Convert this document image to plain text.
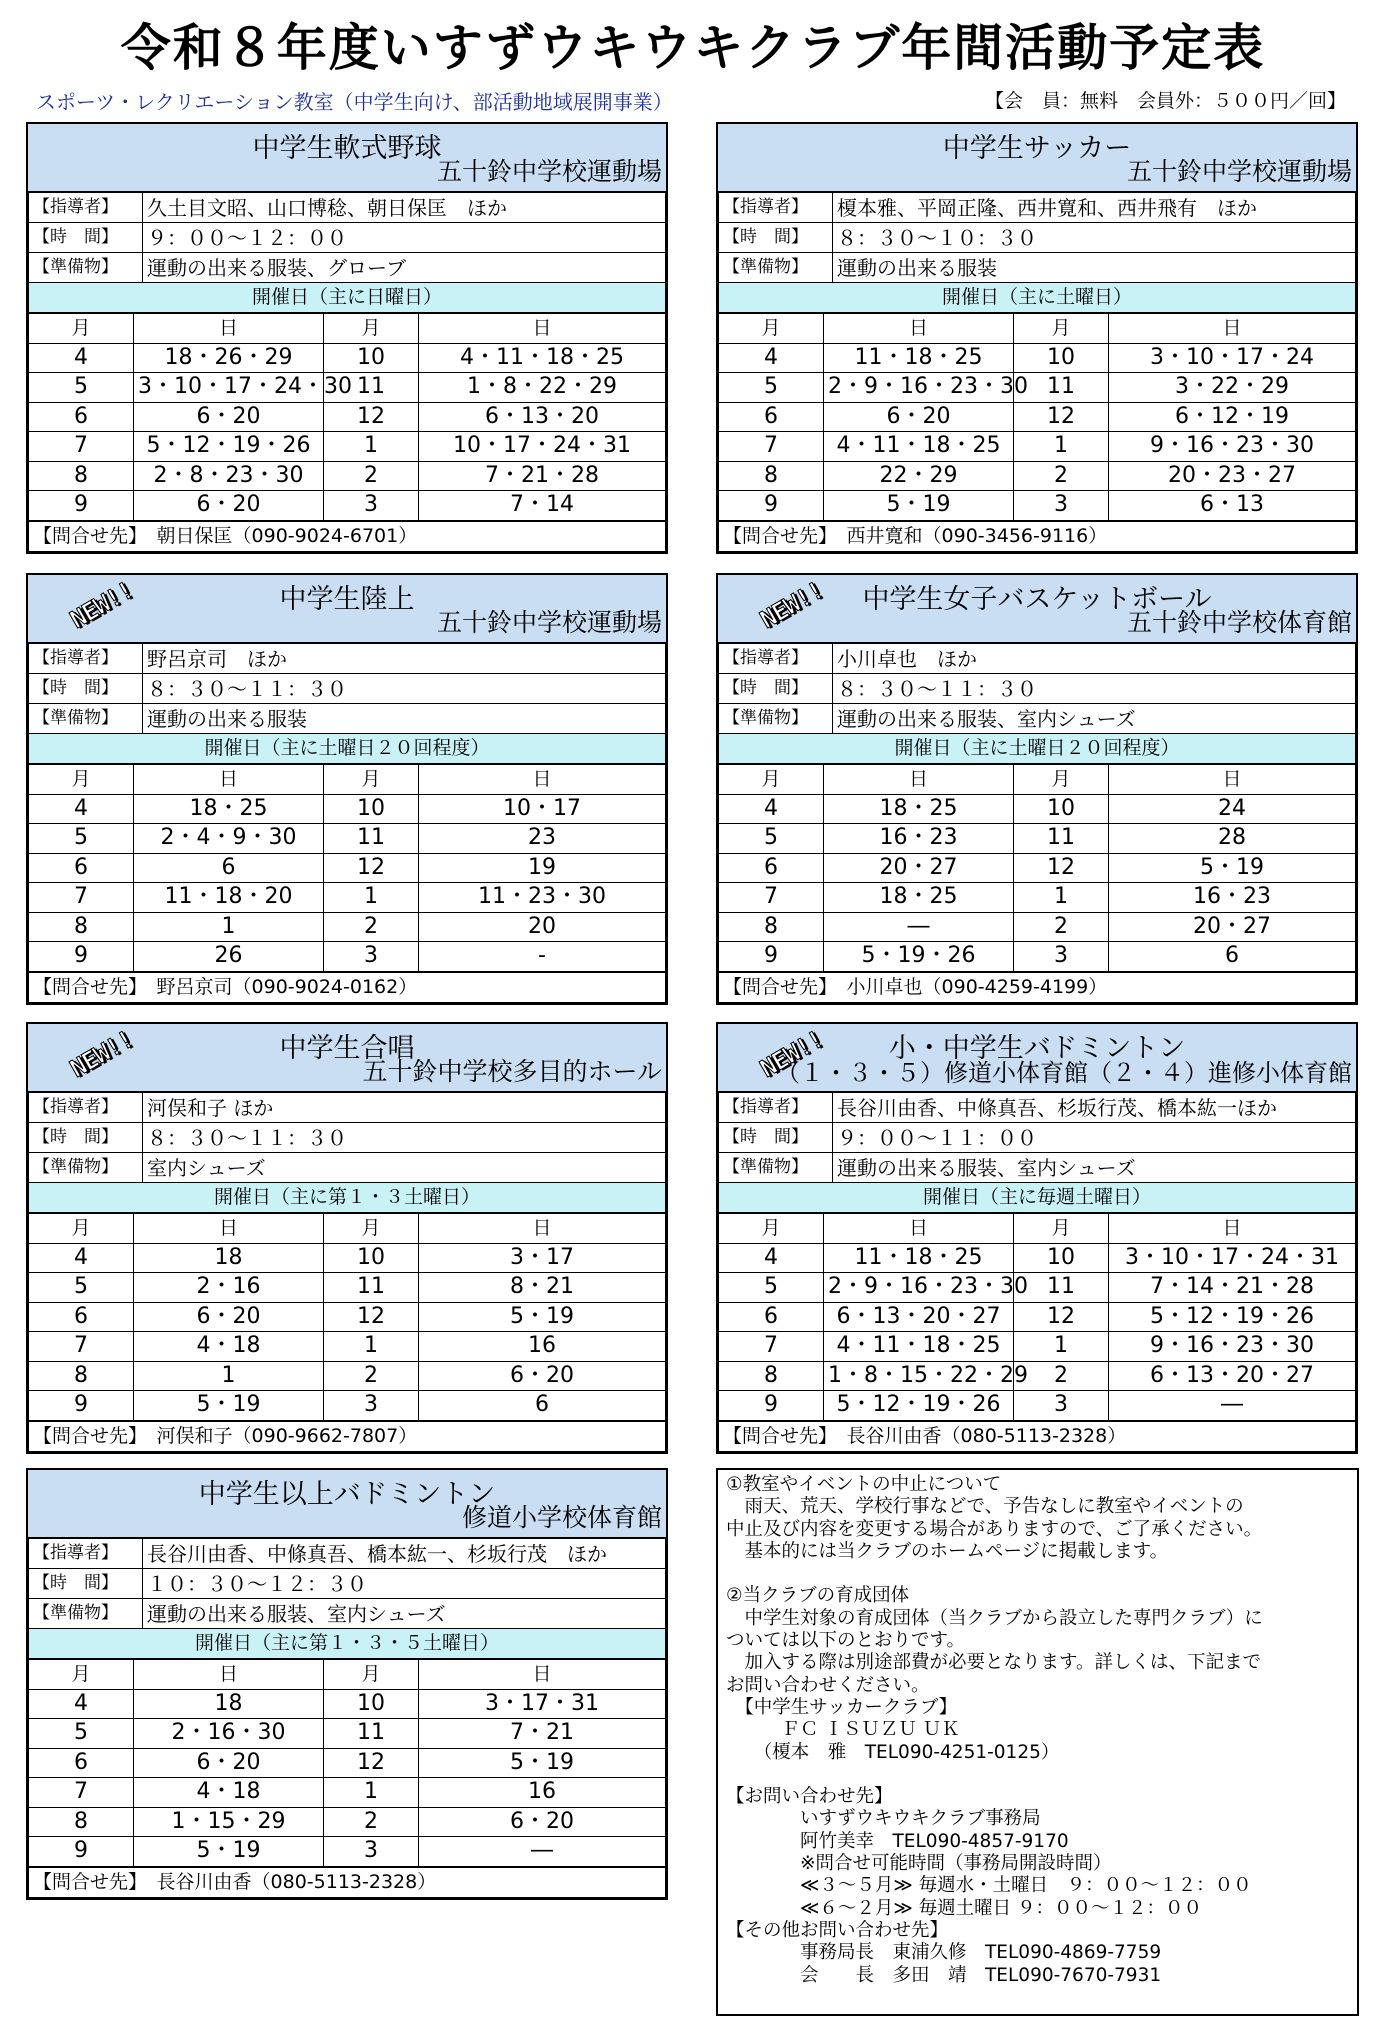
令和８年度いすずウキウキクラブ年間活動予定表
スポーツ・レクリエーション教室（中学生向け、部活動地域展開事業）	【会　員：無料　会員外：５００円／回】
中学生軟式野球
五十鈴中学校運動場
【指導者】	久土目文昭、山口博稔、朝日保匡　ほか
【時　間】	９：００～１２：００
【準備物】	運動の出来る服装、グローブ
開催日（主に日曜日）	
月	日	月	日
4	18・26・29	10	4・11・18・25
5	3・10・17・24・30	11	1・8・22・29
6	6・20	12	6・13・20
7	5・12・19・26	1	10・17・24・31
8	2・8・23・30	2	7・21・28
9	6・20	3	7・14
【問合せ先】　 朝日保匡（090-9024-6701）
中学生サッカー
五十鈴中学校運動場
【指導者】	榎本雅、平岡正隆、西井寛和、西井飛有　ほか
【時　間】	８：３０～１０：３０
【準備物】	運動の出来る服装
開催日（主に土曜日）	
月	日	月	日
4	11・18・25	10	3・10・17・24
5	2・9・16・23・30	11	3・22・29
6	6・20	12	6・12・19
7	4・11・18・25	1	9・16・23・30
8	22・29	2	20・23・27
9	5・19	3	6・13
【問合せ先】　 西井寛和（090-3456-9116）
中学生陸上
五十鈴中学校運動場
NEW!!
【指導者】	野呂京司　ほか
【時　間】	８：３０～１１：３０
【準備物】	運動の出来る服装
開催日（主に土曜日２０回程度）	
月	日	月	日
4	18・25	10	10・17
5	2・4・9・30	11	23
6	6	12	19
7	11・18・20	1	11・23・30
8	1	2	20
9	26	3	-
【問合せ先】　 野呂京司（090-9024-0162）
中学生女子バスケットボール
五十鈴中学校体育館
NEW!!
【指導者】	小川卓也　ほか
【時　間】	８：３０～１１：３０
【準備物】	運動の出来る服装、室内シューズ
開催日（主に土曜日２０回程度）	
月	日	月	日
4	18・25	10	24
5	16・23	11	28
6	20・27	12	5・19
7	18・25	1	16・23
8	―	2	20・27
9	5・19・26	3	6
【問合せ先】　 小川卓也（090-4259-4199）
中学生合唱
五十鈴中学校多目的ホール
NEW!!
【指導者】	河俣和子 ほか
【時　間】	８：３０～１１：３０
【準備物】	室内シューズ
開催日（主に第１・３土曜日）	
月	日	月	日
4	18	10	3・17
5	2・16	11	8・21
6	6・20	12	5・19
7	4・18	1	16
8	1	2	6・20
9	5・19	3	6
【問合せ先】　 河俣和子（090-9662-7807）
小・中学生バドミントン
（１・３・５）修道小体育館（２・４）進修小体育館
NEW!!
【指導者】	長谷川由香、中條真吾、杉坂行茂、橋本紘一ほか
【時　間】	９：００～１１：００
【準備物】	運動の出来る服装、室内シューズ
開催日（主に毎週土曜日）	
月	日	月	日
4	11・18・25	10	3・10・17・24・31
5	2・9・16・23・30	11	7・14・21・28
6	6・13・20・27	12	5・12・19・26
7	4・11・18・25	1	9・16・23・30
8	1・8・15・22・29	2	6・13・20・27
9	5・12・19・26	3	―
【問合せ先】　 長谷川由香（080-5113-2328）
中学生以上バドミントン
修道小学校体育館
【指導者】	長谷川由香、中條真吾、橋本紘一、杉坂行茂　ほか
【時　間】	１０：３０～１２：３０
【準備物】	運動の出来る服装、室内シューズ
開催日（主に第１・３・５土曜日）	
月	日	月	日
4	18	10	3・17・31
5	2・16・30	11	7・21
6	6・20	12	5・19
7	4・18	1	16
8	1・15・29	2	6・20
9	5・19	3	―
【問合せ先】　 長谷川由香（080-5113-2328）
①教室やイベントの中止について
　雨天、荒天、学校行事などで、予告なしに教室やイベントの
中止及び内容を変更する場合がありますので、ご了承ください。
　基本的には当クラブのホームページに掲載します。

②当クラブの育成団体
　中学生対象の育成団体（当クラブから設立した専門クラブ）に
ついては以下のとおりです。
　加入する際は別途部費が必要となります。詳しくは、下記まで
お問い合わせください。
　【中学生サッカークラブ】
　　　ＦＣ ＩＳＵＺＵ ＵＫ
　　（榎本　雅　TEL090-4251-0125）

【お問い合わせ先】
　　　　いすずウキウキクラブ事務局
　　　　阿竹美幸　TEL090-4857-9170
　　　　※問合せ可能時間（事務局開設時間）
　　　　≪３～５月≫ 毎週水・土曜日　９：００～１２：００
　　　　≪６～２月≫ 毎週土曜日 ９：００～１２：００
【その他お問い合わせ先】
　　　　事務局長　東浦久修　TEL090-4869-7759
　　　　会　　長　多田　靖　TEL090-7670-7931
